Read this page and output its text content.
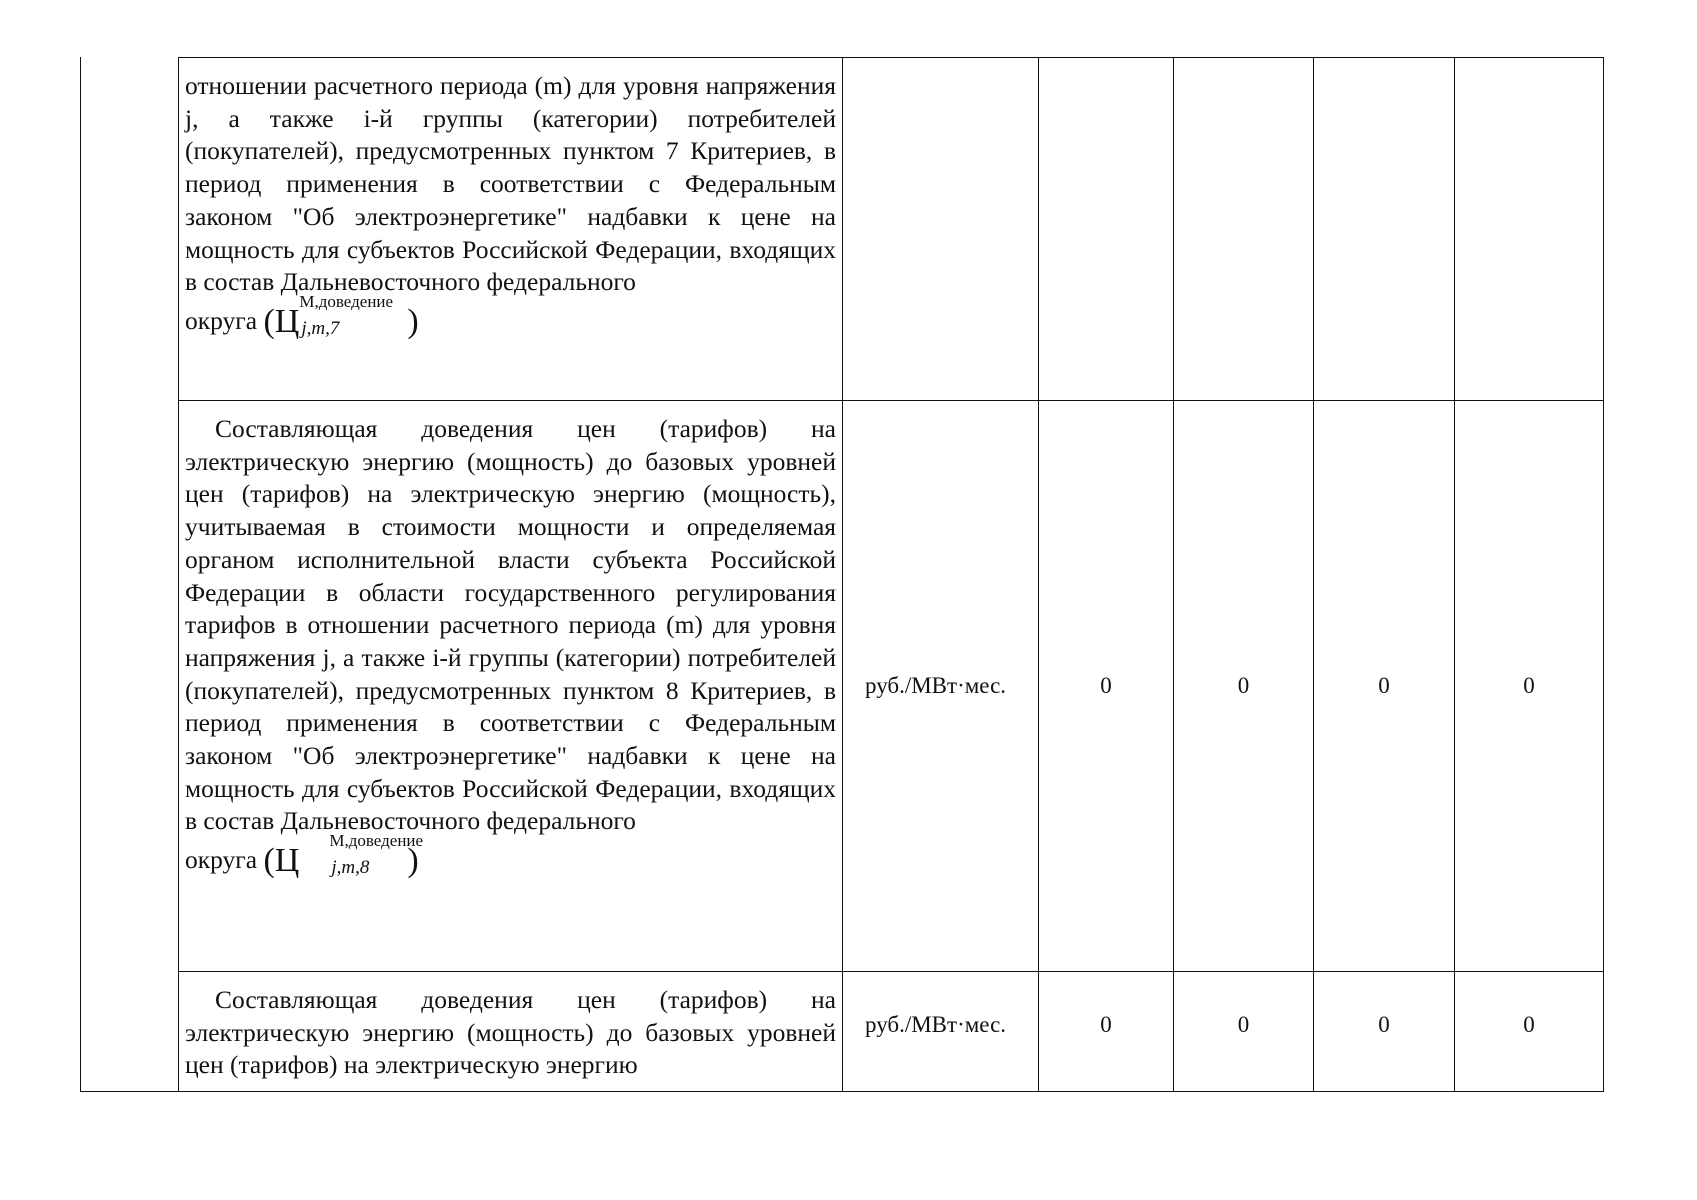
отношении расчетного периода (m) для уровня напряжения j, а также i-й группы (категории) потребителей (покупателей), предусмотренных пунктом 7 Критериев, в период применения в соответствии с Федеральным законом "Об электроэнергетике" надбавки к цене на мощность для субъектов Российской Федерации, входящих в состав Дальневосточного федерального
округа (Ц
М,доведение
j,m,7 )					

Составляющая доведения цен (тарифов) на электрическую энергию (мощность) до базовых уровней цен (тарифов) на электрическую энергию (мощность), учитываемая в стоимости мощности и определяемая органом исполнительной власти субъекта Российской Федерации в области государственного регулирования тарифов в отношении расчетного периода (m) для уровня напряжения j, а также i-й группы (категории) потребителей (покупателей), предусмотренных пунктом 8 Критериев, в период применения в соответствии с Федеральным законом "Об электроэнергетике" надбавки к цене на мощность для субъектов Российской Федерации, входящих в состав Дальневосточного федерального
округа (Ц
М,доведение
j,m,8 )	руб./МВт·мес.	0	0	0	0

Составляющая доведения цен (тарифов) на электрическую энергию (мощность) до базовых уровней цен (тарифов) на электрическую энергию	руб./МВт·мес.	0	0	0	0
